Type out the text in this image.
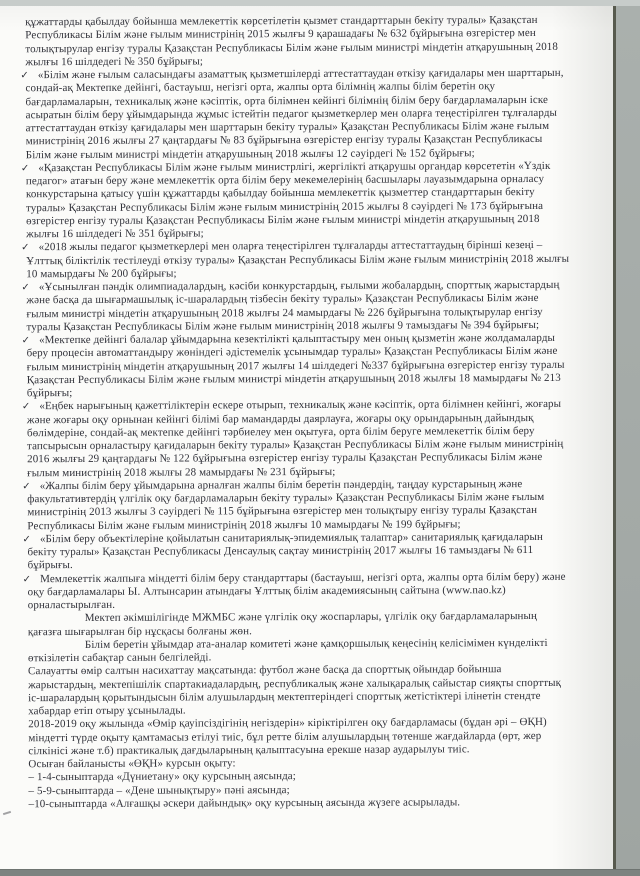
құжаттарды қабылдау бойынша мемлекеттік көрсетілетін қызмет стандарттарын бекіту туралы» Қазақстан Республикасы Білім және ғылым министрінің 2015 жылғы 9 қарашадағы № 632 бұйрығына өзгерістер мен толықтырулар енгізу туралы Қазақстан Республикасы Білім және ғылым министрі міндетін атқарушының 2018 жылғы 16 шілдедегі № 350 бұйрығы;

✓ «Білім және ғылым саласындағы азаматтық қызметшілерді аттестаттаудан өткізу қағидалары мен шарттарын, сондай-ақ Мектепке дейінгі, бастауыш, негізгі орта, жалпы орта білімнің жалпы білім беретін оқу бағдарламаларын, техникалық және кәсіптік, орта білімнен кейінгі білімнің білім беру бағдарламаларын іске асыратын білім беру ұйымдарында жұмыс істейтін педагог қызметкерлер мен оларға теңестірілген тұлғаларды аттестаттаудан өткізу қағидалары мен шарттарын бекіту туралы» Қазақстан Республикасы Білім және ғылым министрінің 2016 жылғы 27 қаңтардағы № 83 бұйрығына өзгерістер енгізу туралы Қазақстан Республикасы Білім және ғылым министрі міндетін атқарушының 2018 жылғы 12 сәуірдегі № 152 бұйрығы;

✓ «Қазақстан Республикасы Білім және ғылым министрлігі, жергілікті атқарушы органдар көрсететін «Үздік педагог» атағын беру және мемлекеттік орта білім беру мекемелерінің басшылары лауазымдарына орналасу конкурстарына қатысу үшін құжаттарды қабылдау бойынша мемлекеттік қызметтер стандарттарын бекіту туралы» Қазақстан Республикасы Білім және ғылым министрінің 2015 жылғы 8 сәуірдегі № 173 бұйрығына өзгерістер енгізу туралы Қазақстан Республикасы Білім және ғылым министрі міндетін атқарушының 2018 жылғы 16 шілдедегі № 351 бұйрығы;

✓ «2018 жылы педагог қызметкерлері мен оларға теңестірілген тұлғаларды аттестаттаудың бірінші кезеңі – Ұлттық біліктілік тестілеуді өткізу туралы» Қазақстан Республикасы Білім және ғылым министрінің 2018 жылғы 10 мамырдағы № 200 бұйрығы;

✓ «Ұсынылған пәндік олимпиадалардың, кәсіби конкурстардың, ғылыми жобалардың, спорттық жарыстардың және басқа да шығармашылық іс-шаралардың тізбесін бекіту туралы» Қазақстан Республикасы Білім және ғылым министрі міндетін атқарушының 2018 жылғы 24 мамырдағы № 226 бұйрығына толықтырулар енгізу туралы Қазақстан Республикасы Білім және ғылым министрінің 2018 жылғы 9 тамыздағы № 394 бұйрығы;

✓ «Мектепке дейінгі балалар ұйымдарына кезектілікті қалыптастыру мен оның қызметін және жолдамаларды беру процесін автоматтандыру жөніндегі әдістемелік ұсынымдар туралы» Қазақстан Республикасы Білім және ғылым министрінің міндетін атқарушының 2017 жылғы 14 шілдедегі №337 бұйрығына өзгерістер енгізу туралы Қазақстан Республикасы Білім және ғылым министрі міндетін атқарушының 2018 жылғы 18 мамырдағы № 213 бұйрығы;

✓ «Еңбек нарығының қажеттіліктерін ескере отырып, техникалық және кәсіптік, орта білімнен кейінгі, жоғары және жоғары оқу орнынан кейінгі білімі бар мамандарды даярлауға, жоғары оқу орындарының дайындық бөлімдеріне, сондай-ақ мектепке дейінгі тәрбиелеу мен оқытуға, орта білім беруге мемлекеттік білім беру тапсырысын орналастыру қағидаларын бекіту туралы» Қазақстан Республикасы Білім және ғылым министрінің 2016 жылғы 29 қаңтардағы № 122 бұйрығына өзгерістер енгізу туралы Қазақстан Республикасы Білім және ғылым министрінің 2018 жылғы 28 мамырдағы № 231 бұйрығы;

✓ «Жалпы білім беру ұйымдарына арналған жалпы білім беретін пәндердің, таңдау курстарының және факультативтердің үлгілік оқу бағдарламаларын бекіту туралы» Қазақстан Республикасы Білім және ғылым министрінің 2013 жылғы 3 сәуірдегі № 115 бұйрығына өзгерістер мен толықтыру енгізу туралы Қазақстан Республикасы Білім және ғылым министрінің 2018 жылғы 10 мамырдағы № 199 бұйрығы;

✓ «Білім беру объектілеріне қойылатын санитариялық-эпидемиялық талаптар» санитариялық қағидаларын бекіту туралы» Қазақстан Республикасы Денсаулық сақтау министрінің 2017 жылғы 16 тамыздағы № 611 бұйрығы.

✓ Мемлекеттік жалпыға міндетті білім беру стандарттары (бастауыш, негізгі орта, жалпы орта білім беру) және оқу бағдарламалары Ы. Алтынсарин атындағы Ұлттық білім академиясының сайтына (www.nao.kz) орналастырылған.

Мектеп әкімшілігінде МЖМБС және үлгілік оқу жоспарлары, үлгілік оқу бағдарламаларының қағазға шығарылған бір нұсқасы болғаны жөн.

Білім беретін ұйымдар ата-аналар комитеті және қамқоршылық кеңесінің келісімімен күнделікті өткізілетін сабақтар санын белгілейді.

Салауатты өмір салтын насихаттау мақсатында: футбол және басқа да спорттық ойындар бойынша жарыстардың, мектепішілік спартакиадалардың, республикалық және халықаралық сайыстар сияқты спорттық іс-шаралардың қорытындысын білім алушылардың мектептеріндегі спорттық жетістіктері ілінетін стендте хабардар етіп отыру ұсынылады.

2018-2019 оқу жылында «Өмір қауіпсіздігінің негіздерін» кіріктірілген оқу бағдарламасы (бұдан әрі – ӨҚН) міндетті түрде оқыту қамтамасыз етілуі тиіс, бұл ретте білім алушылардың төтенше жағдайларда (өрт, жер сілкінісі және т.б) практикалық дағдыларының қалыптасуына ерекше назар аударылуы тиіс.

Осыған байланысты «ӨҚН» курсын оқыту:

– 1-4-сыныптарда «Дүниетану» оқу курсының аясында;

– 5-9-сыныптарда – «Дене шынықтыру» пәні аясында;

–10-сыныптарда «Алғашқы әскери дайындық» оқу курсының аясында жүзеге асырылады.
